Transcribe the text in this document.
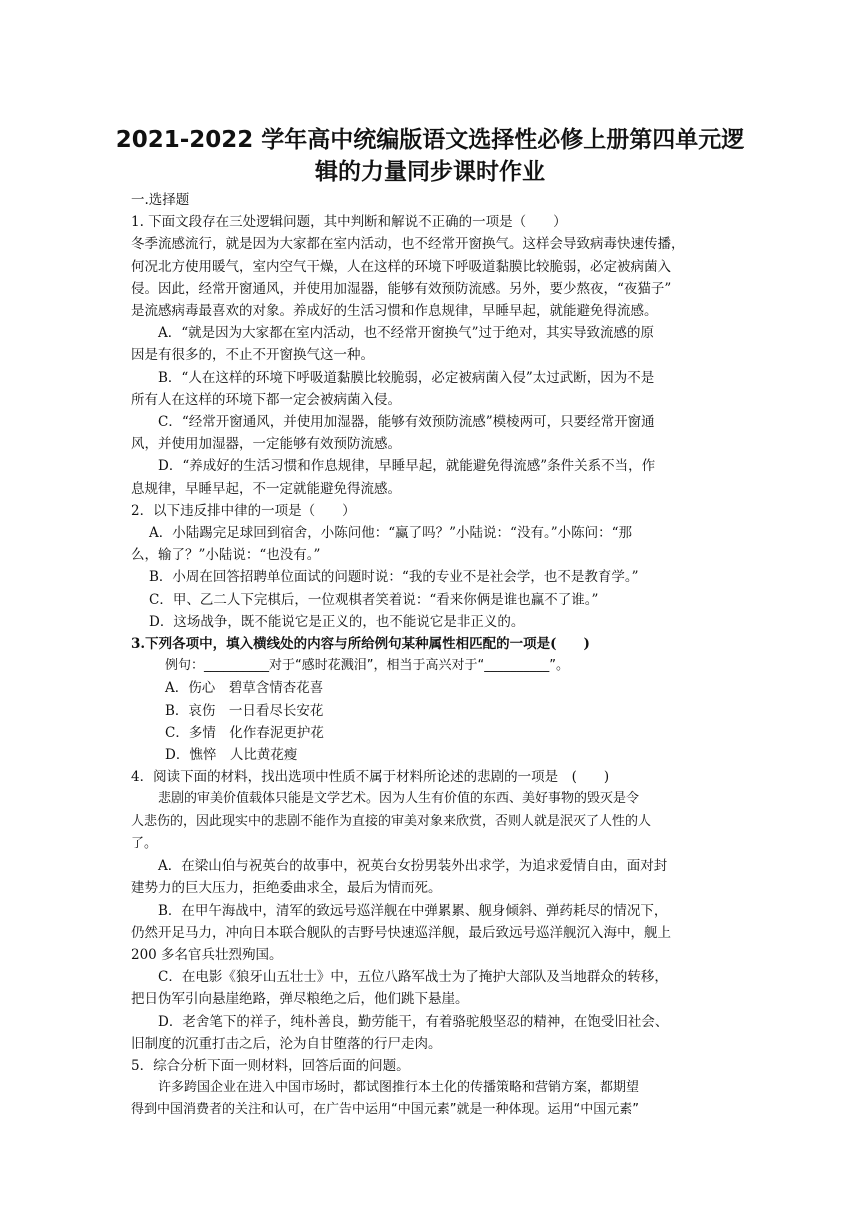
2021-2022 学年高中统编版语文选择性必修上册第四单元逻
辑的力量同步课时作业
一.选择题
1. 下面文段存在三处逻辑问题，其中判断和解说不正确的一项是（　　）
冬季流感流行，就是因为大家都在室内活动，也不经常开窗换气。这样会导致病毒快速传播，
何况北方使用暖气，室内空气干燥，人在这样的环境下呼吸道黏膜比较脆弱，必定被病菌入
侵。因此，经常开窗通风，并使用加湿器，能够有效预防流感。另外，要少熬夜，“夜猫子”
是流感病毒最喜欢的对象。养成好的生活习惯和作息规律，早睡早起，就能避免得流感。
A．“就是因为大家都在室内活动，也不经常开窗换气”过于绝对，其实导致流感的原
因是有很多的，不止不开窗换气这一种。
B．“人在这样的环境下呼吸道黏膜比较脆弱，必定被病菌入侵”太过武断，因为不是
所有人在这样的环境下都一定会被病菌入侵。
C．“经常开窗通风，并使用加湿器，能够有效预防流感”模棱两可，只要经常开窗通
风，并使用加湿器，一定能够有效预防流感。
D．“养成好的生活习惯和作息规律，早睡早起，就能避免得流感”条件关系不当，作
息规律，早睡早起，不一定就能避免得流感。
2．以下违反排中律的一项是（　　）
A．小陆踢完足球回到宿舍，小陈问他：“赢了吗？”小陆说：“没有。”小陈问：“那
么，输了？”小陆说：“也没有。”
B．小周在回答招聘单位面试的问题时说：“我的专业不是社会学，也不是教育学。”
C．甲、乙二人下完棋后，一位观棋者笑着说：“看来你俩是谁也赢不了谁。”
D．这场战争，既不能说它是正义的，也不能说它是非正义的。
3.下列各项中，填入横线处的内容与所给例句某种属性相匹配的一项是(　　)
例句：__________对于“感时花溅泪”，相当于高兴对于“__________”。
A．伤心　碧草含情杏花喜
B．哀伤　一日看尽长安花
C．多情　化作春泥更护花
D．憔悴　人比黄花瘦
4．阅读下面的材料，找出选项中性质不属于材料所论述的悲剧的一项是　(　　)
悲剧的审美价值载体只能是文学艺术。因为人生有价值的东西、美好事物的毁灭是令
人悲伤的，因此现实中的悲剧不能作为直接的审美对象来欣赏，否则人就是泯灭了人性的人
了。
A．在梁山伯与祝英台的故事中，祝英台女扮男装外出求学，为追求爱情自由，面对封
建势力的巨大压力，拒绝委曲求全，最后为情而死。
B．在甲午海战中，清军的致远号巡洋舰在中弹累累、舰身倾斜、弹药耗尽的情况下，
仍然开足马力，冲向日本联合舰队的吉野号快速巡洋舰，最后致远号巡洋舰沉入海中，舰上
200 多名官兵壮烈殉国。
C．在电影《狼牙山五壮士》中，五位八路军战士为了掩护大部队及当地群众的转移，
把日伪军引向悬崖绝路，弹尽粮绝之后，他们跳下悬崖。
D．老舍笔下的祥子，纯朴善良，勤劳能干，有着骆驼般坚忍的精神，在饱受旧社会、
旧制度的沉重打击之后，沦为自甘堕落的行尸走肉。
5．综合分析下面一则材料，回答后面的问题。
许多跨国企业在进入中国市场时，都试图推行本土化的传播策略和营销方案，都期望
得到中国消费者的关注和认可，在广告中运用“中国元素”就是一种体现。运用“中国元素”
